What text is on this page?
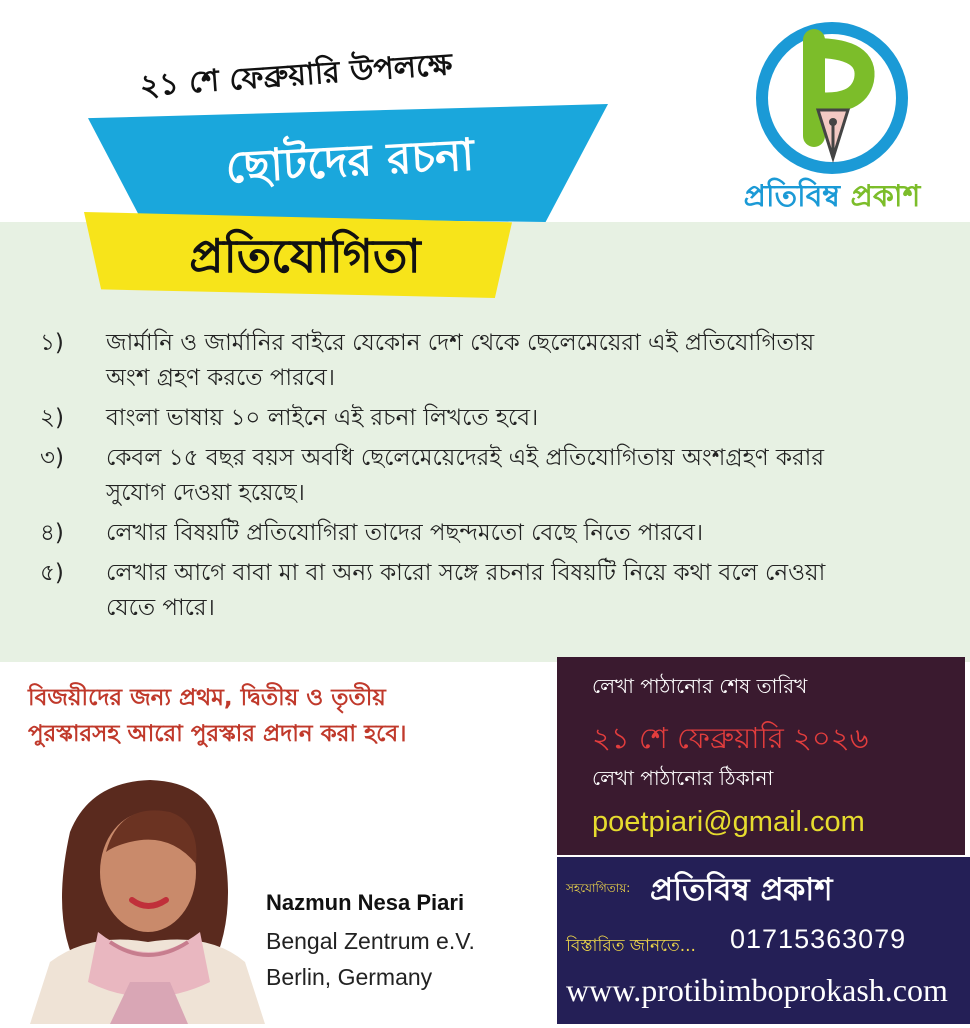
২১ শে ফেব্রুয়ারি উপলক্ষে
ছোটদের রচনা
প্রতিযোগিতা
প্রতিবিম্ব প্রকাশ
১)	জার্মানি ও জার্মানির বাইরে যেকোন দেশ থেকে ছেলেমেয়েরা এই প্রতিযোগিতায় অংশ গ্রহণ করতে পারবে।
২)	বাংলা ভাষায় ১০ লাইনে এই রচনা লিখতে হবে।
৩)	কেবল ১৫ বছর বয়স অবধি ছেলেমেয়েদেরই এই প্রতিযোগিতায় অংশগ্রহণ করার সুযোগ দেওয়া হয়েছে।
৪)	লেখার বিষয়টি প্রতিযোগিরা তাদের পছন্দমতো বেছে নিতে পারবে।
৫)	লেখার আগে বাবা মা বা অন্য কারো সঙ্গে রচনার বিষয়টি নিয়ে কথা বলে নেওয়া যেতে পারে।
বিজয়ীদের জন্য প্রথম, দ্বিতীয় ও তৃতীয়
পুরস্কারসহ আরো পুরস্কার প্রদান করা হবে।
লেখা পাঠানোর শেষ তারিখ
২১ শে ফেব্রুয়ারি ২০২৬
লেখা পাঠানোর ঠিকানা
poetpiari@gmail.com
সহযোগিতায়: প্রতিবিম্ব প্রকাশ
বিস্তারিত জানতে... 01715363079
www.protibimboprokash.com
Nazmun Nesa Piari
Bengal Zentrum e.V.
Berlin, Germany
